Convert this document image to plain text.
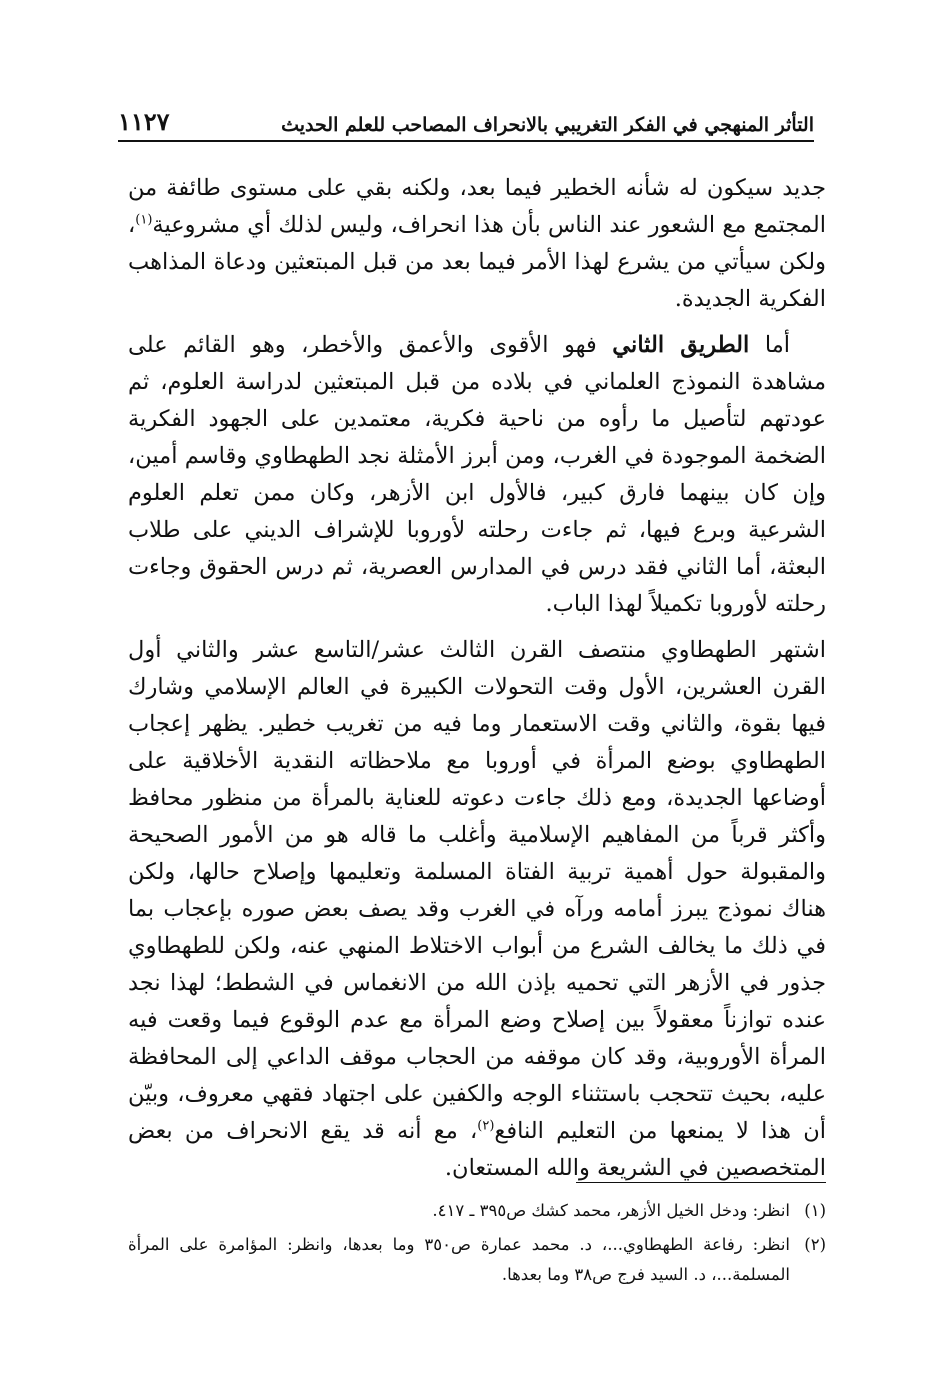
التأثر المنهجي في الفكر التغريبي بالانحراف المصاحب للعلم الحديث
١١٢٧

جديد سيكون له شأنه الخطير فيما بعد، ولكنه بقي على مستوى طائفة من المجتمع مع الشعور عند الناس بأن هذا انحراف، وليس لذلك أي مشروعية$^{(١)}$، ولكن سيأتي من يشرع لهذا الأمر فيما بعد من قبل المبتعثين ودعاة المذاهب الفكرية الجديدة.

أما الطريق الثاني فهو الأقوى والأعمق والأخطر، وهو القائم على مشاهدة النموذج العلماني في بلاده من قبل المبتعثين لدراسة العلوم، ثم عودتهم لتأصيل ما رأوه من ناحية فكرية، معتمدين على الجهود الفكرية الضخمة الموجودة في الغرب، ومن أبرز الأمثلة نجد الطهطاوي وقاسم أمين، وإن كان بينهما فارق كبير، فالأول ابن الأزهر، وكان ممن تعلم العلوم الشرعية وبرع فيها، ثم جاءت رحلته لأوروبا للإشراف الديني على طلاب البعثة، أما الثاني فقد درس في المدارس العصرية، ثم درس الحقوق وجاءت رحلته لأوروبا تكميلاً لهذا الباب.

اشتهر الطهطاوي منتصف القرن الثالث عشر/التاسع عشر والثاني أول القرن العشرين، الأول وقت التحولات الكبيرة في العالم الإسلامي وشارك فيها بقوة، والثاني وقت الاستعمار وما فيه من تغريب خطير. يظهر إعجاب الطهطاوي بوضع المرأة في أوروبا مع ملاحظاته النقدية الأخلاقية على أوضاعها الجديدة، ومع ذلك جاءت دعوته للعناية بالمرأة من منظور محافظ وأكثر قرباً من المفاهيم الإسلامية وأغلب ما قاله هو من الأمور الصحيحة والمقبولة حول أهمية تربية الفتاة المسلمة وتعليمها وإصلاح حالها، ولكن هناك نموذج يبرز أمامه ورآه في الغرب وقد يصف بعض صوره بإعجاب بما في ذلك ما يخالف الشرع من أبواب الاختلاط المنهي عنه، ولكن للطهطاوي جذور في الأزهر التي تحميه بإذن الله من الانغماس في الشطط؛ لهذا نجد عنده توازناً معقولاً بين إصلاح وضع المرأة مع عدم الوقوع فيما وقعت فيه المرأة الأوروبية، وقد كان موقفه من الحجاب موقف الداعي إلى المحافظة عليه، بحيث تتحجب باستثناء الوجه والكفين على اجتهاد فقهي معروف، وبيّن أن هذا لا يمنعها من التعليم النافع$^{(٢)}$، مع أنه قد يقع الانحراف من بعض المتخصصين في الشريعة والله المستعان.

(١)
انظر: ودخل الخيل الأزهر، محمد كشك ص٣٩٥ ـ ٤١٧.
(٢)
انظر: رفاعة الطهطاوي...، د. محمد عمارة ص٣٥٠ وما بعدها، وانظر: المؤامرة على المرأة المسلمة...، د. السيد فرج ص٣٨ وما بعدها.
